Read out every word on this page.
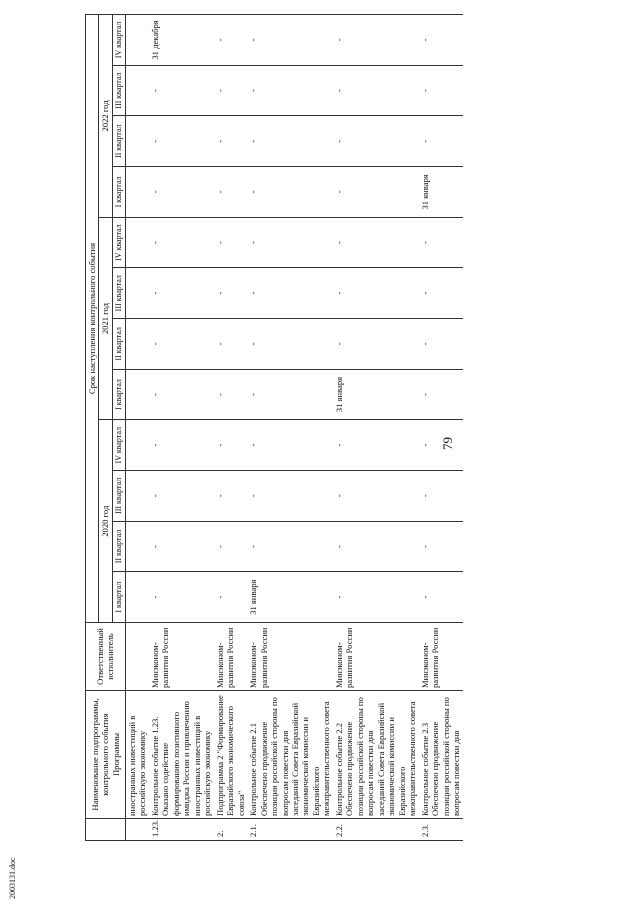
2003131.doc
79
	Наименование подпрограммы, контрольного события Программы	Ответственный исполнитель	Срок наступления контрольного события											
			2020 год				2021 год				2022 год			
			I квартал	II квартал	III квартал	IV квартал	I квартал	II квартал	III квартал	IV квартал	I квартал	II квартал	III квартал	IV квартал
	иностранных инвестиций в российскую экономику													
1.23.	Контрольное событие 1.23. Оказано содействие формированию позитивного имиджа России и привлечению иностранных инвестиций в российскую экономику	Минэконом-развития России	-	-	-	-	-	-	-	-	-	-	-	31 декабря
2.	Подпрограмма 2 "Формирование Евразийского экономического союза"	Минэконом-развития России	-	-	-	-	-	-	-	-	-	-	-	-
2.1.	Контрольное событие 2.1 Обеспечено продвижение позиции российской стороны по вопросам повестки дня заседаний Совета Евразийской экономической комиссии и Евразийского межправительственного совета	Минэконом-развития России	31 января	-	-	-	-	-	-	-	-	-	-	-
2.2.	Контрольное событие 2.2 Обеспечено продвижение позиции российской стороны по вопросам повестки дня заседаний Совета Евразийской экономической комиссии и Евразийского межправительственного совета	Минэконом-развития России	-	-	-	-	31 января	-	-	-	-	-	-	-
2.3.	Контрольное событие 2.3 Обеспечено продвижение позиции российской стороны по вопросам повестки дня	Минэконом-развития России	-	-	-	-	-	-	-	-	31 января	-	-	-
